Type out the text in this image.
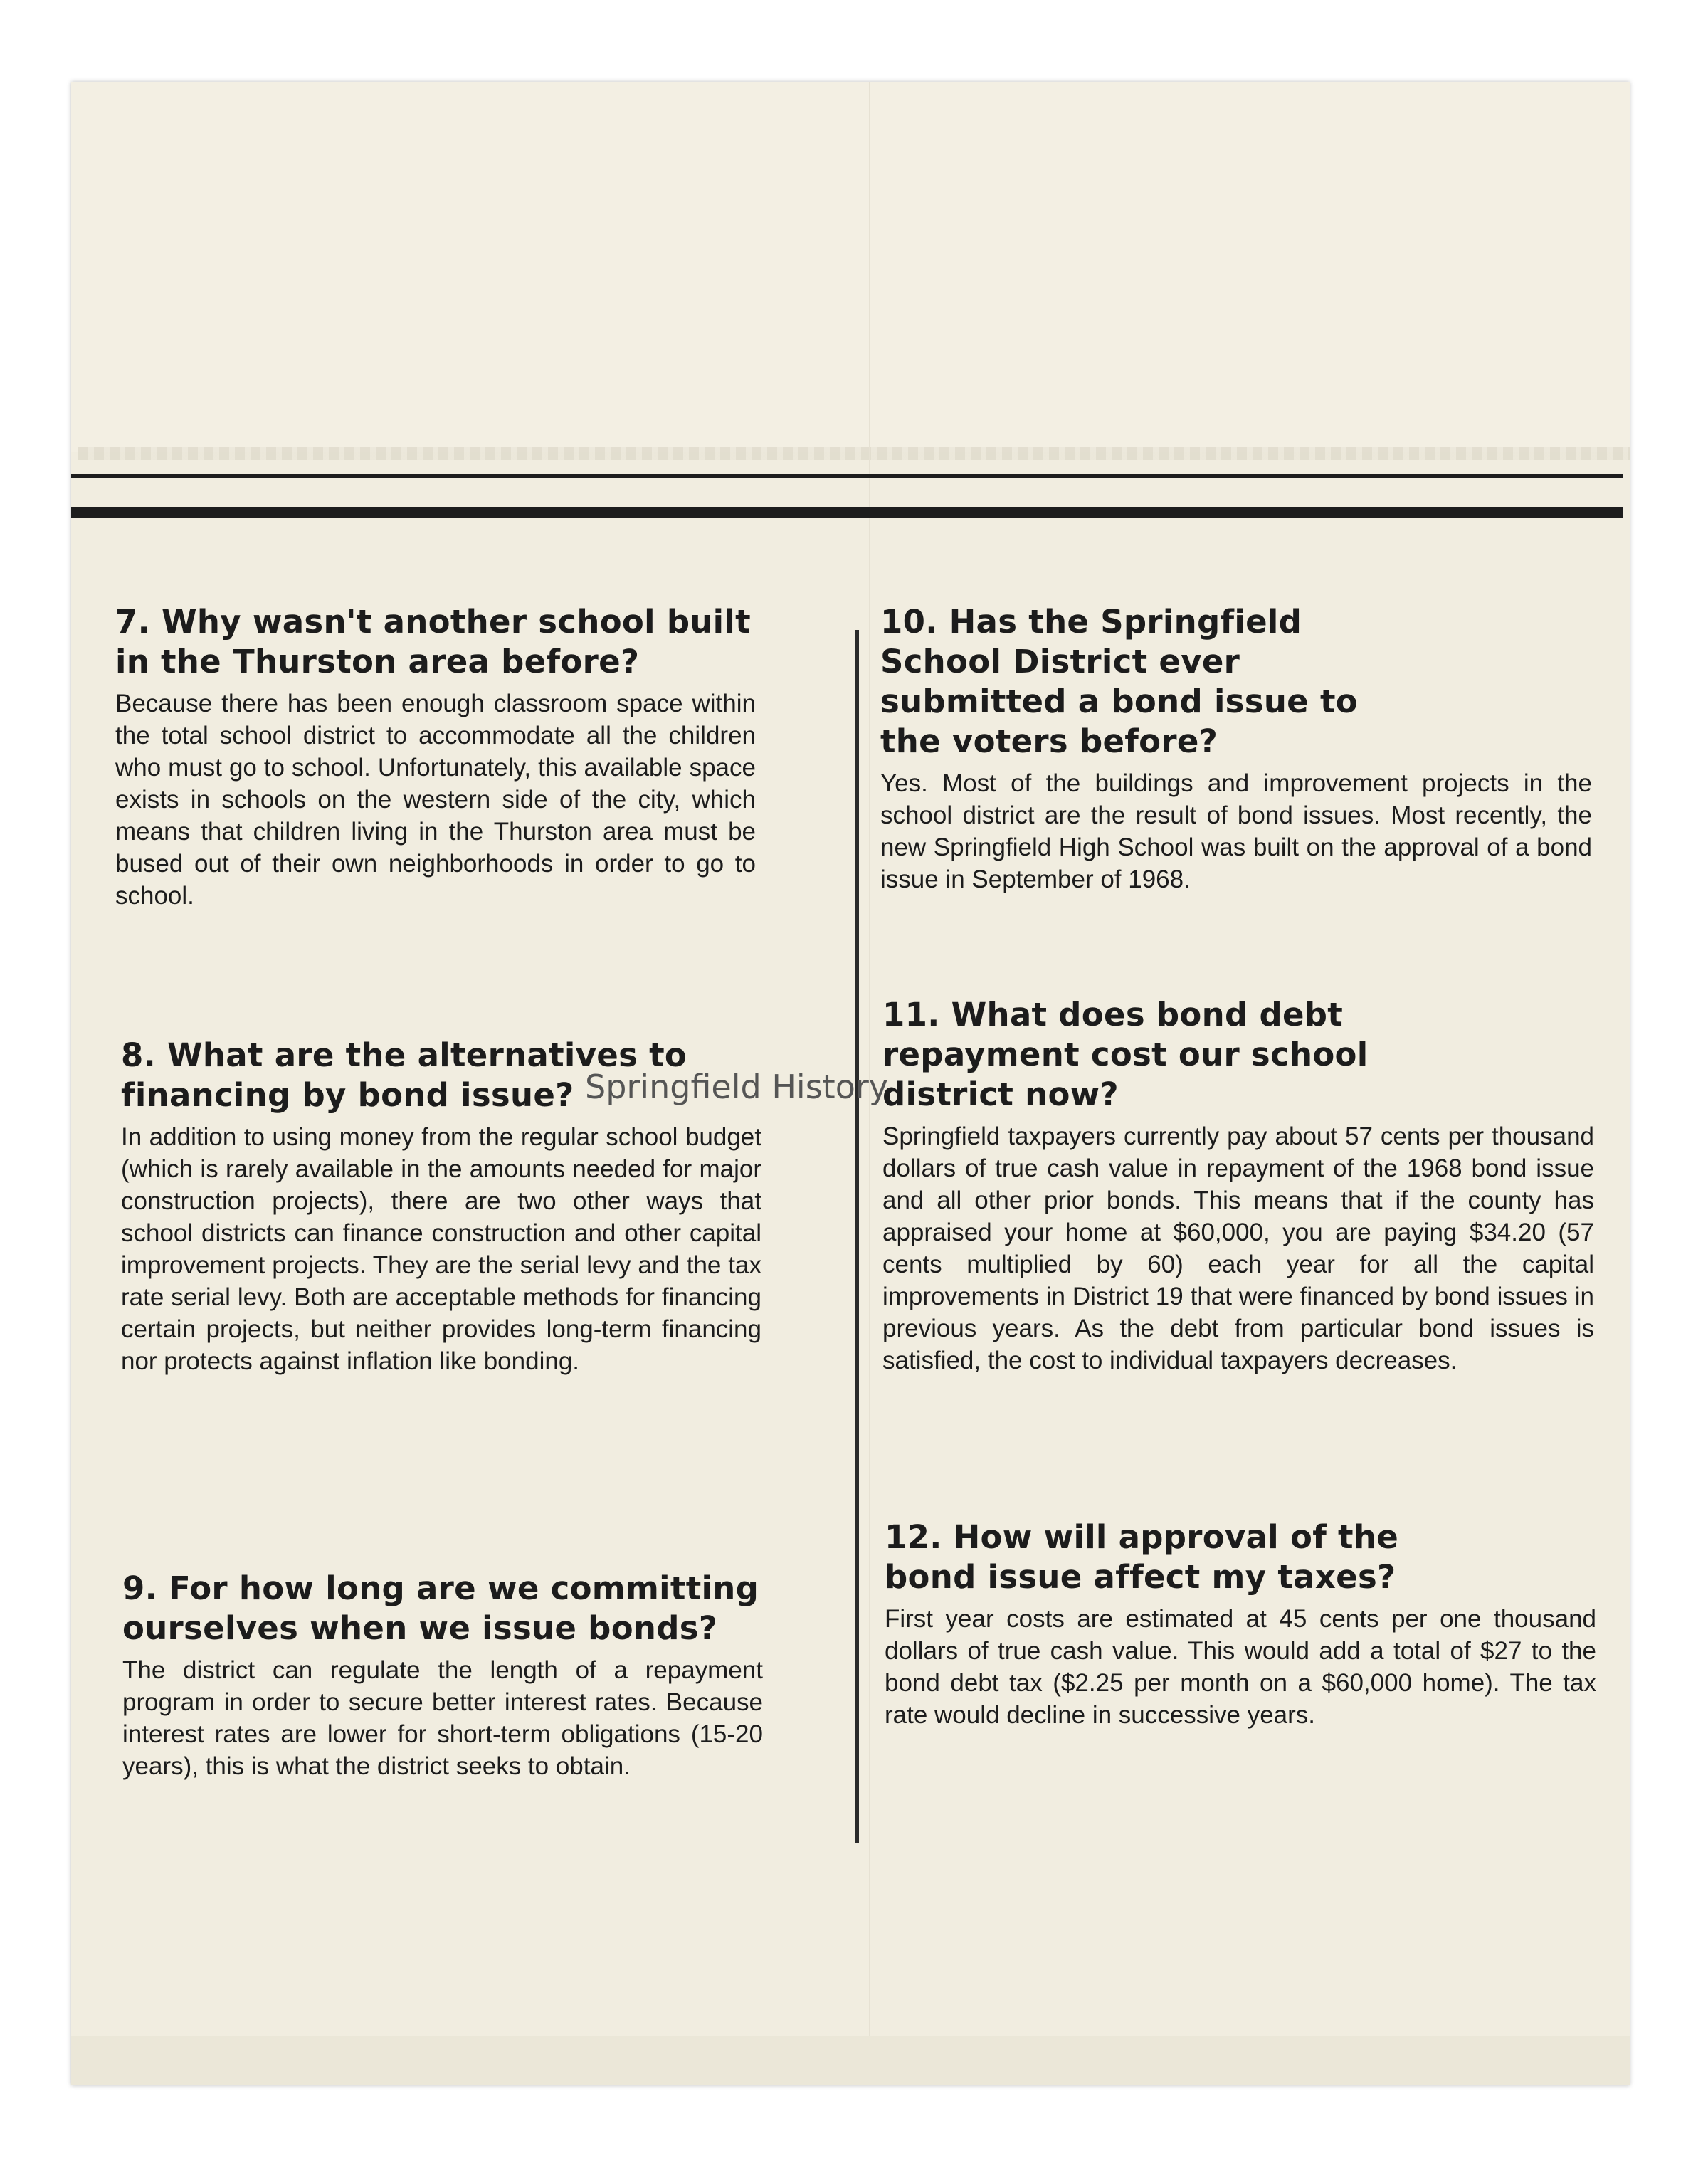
7. Why wasn't another school built in the Thurston area before?

Because there has been enough classroom space within the total school district to accommodate all the children who must go to school. Unfortunately, this available space exists in schools on the western side of the city, which means that children living in the Thurston area must be bused out of their own neighborhoods in order to go to school.

8. What are the alternatives to financing by bond issue?

In addition to using money from the regular school budget (which is rarely available in the amounts needed for major construction projects), there are two other ways that school districts can finance construction and other capital improvement projects. They are the serial levy and the tax rate serial levy. Both are acceptable methods for financing certain projects, but neither provides long-term financing nor protects against inflation like bonding.

9. For how long are we committing ourselves when we issue bonds?

The district can regulate the length of a repayment program in order to secure better interest rates. Because interest rates are lower for short-term obligations (15-20 years), this is what the district seeks to obtain.

10. Has the Springfield School District ever submitted a bond issue to the voters before?

Yes. Most of the buildings and improvement projects in the school district are the result of bond issues. Most recently, the new Springfield High School was built on the approval of a bond issue in September of 1968.

11. What does bond debt repayment cost our school district now?

Springfield taxpayers currently pay about 57 cents per thousand dollars of true cash value in repayment of the 1968 bond issue and all other prior bonds. This means that if the county has appraised your home at $60,000, you are paying $34.20 (57 cents multiplied by 60) each year for all the capital improvements in District 19 that were financed by bond issues in previous years. As the debt from particular bond issues is satisfied, the cost to individual taxpayers decreases.

12. How will approval of the bond issue affect my taxes?

First year costs are estimated at 45 cents per one thousand dollars of true cash value. This would add a total of $27 to the bond debt tax ($2.25 per month on a $60,000 home). The tax rate would decline in successive years.

Springfield History
